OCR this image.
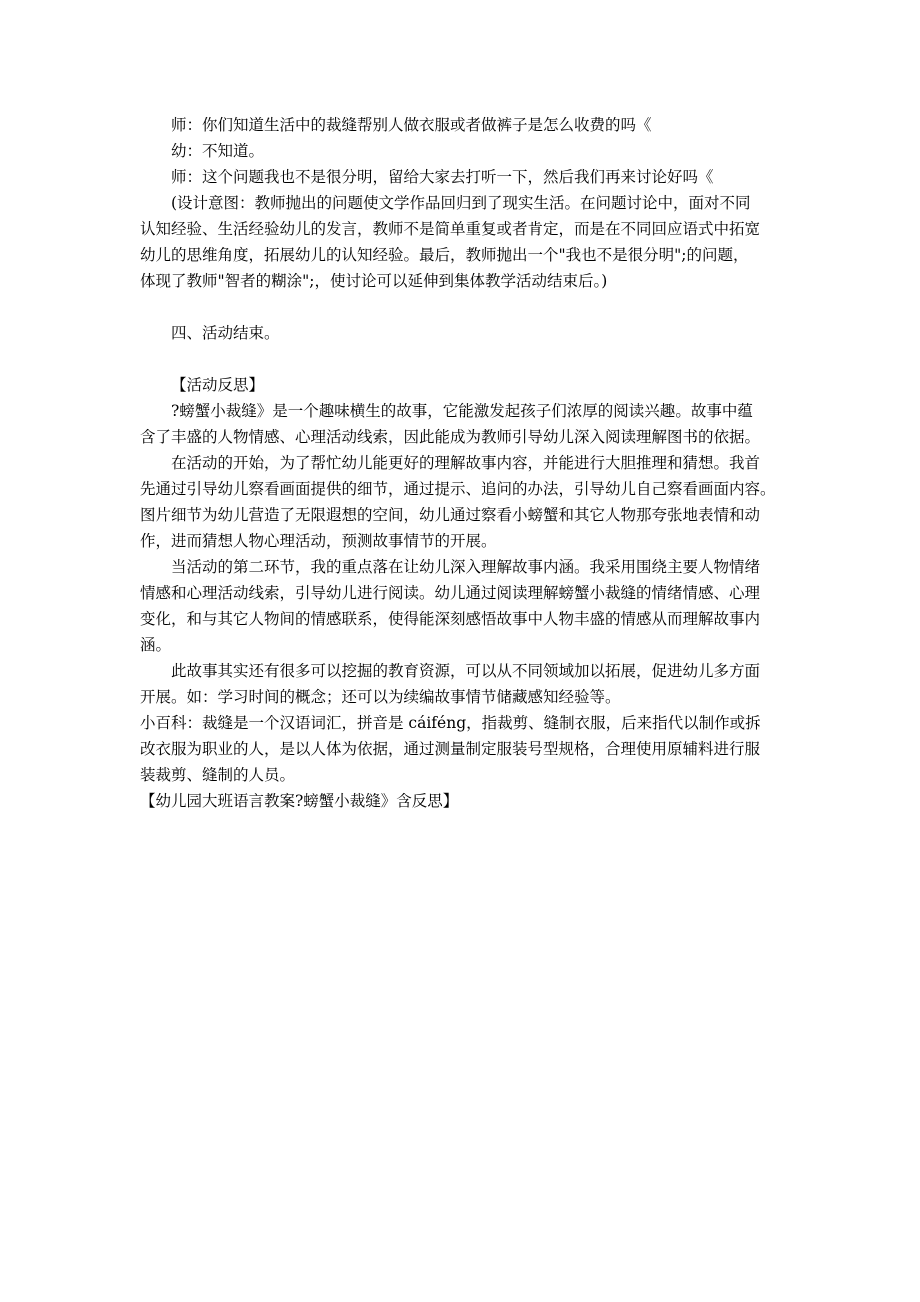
师：你们知道生活中的裁缝帮别人做衣服或者做裤子是怎么收费的吗《
幼：不知道。
师：这个问题我也不是很分明，留给大家去打听一下，然后我们再来讨论好吗《
(设计意图：教师抛出的问题使文学作品回归到了现实生活。在问题讨论中，面对不同
认知经验、生活经验幼儿的发言，教师不是简单重复或者肯定，而是在不同回应语式中拓宽
幼儿的思维角度，拓展幼儿的认知经验。最后，教师抛出一个"我也不是很分明";的问题，
体现了教师"智者的糊涂";，使讨论可以延伸到集体教学活动结束后。)
四、活动结束。
【活动反思】
?螃蟹小裁缝》是一个趣味横生的故事，它能激发起孩子们浓厚的阅读兴趣。故事中蕴
含了丰盛的人物情感、心理活动线索，因此能成为教师引导幼儿深入阅读理解图书的依据。
在活动的开始，为了帮忙幼儿能更好的理解故事内容，并能进行大胆推理和猜想。我首
先通过引导幼儿察看画面提供的细节，通过提示、追问的办法，引导幼儿自己察看画面内容。
图片细节为幼儿营造了无限遐想的空间，幼儿通过察看小螃蟹和其它人物那夸张地表情和动
作，进而猜想人物心理活动，预测故事情节的开展。
当活动的第二环节，我的重点落在让幼儿深入理解故事内涵。我采用围绕主要人物情绪
情感和心理活动线索，引导幼儿进行阅读。幼儿通过阅读理解螃蟹小裁缝的情绪情感、心理
变化，和与其它人物间的情感联系，使得能深刻感悟故事中人物丰盛的情感从而理解故事内
涵。
此故事其实还有很多可以挖掘的教育资源，可以从不同领域加以拓展，促进幼儿多方面
开展。如：学习时间的概念；还可以为续编故事情节储藏感知经验等。
小百科：裁缝是一个汉语词汇，拼音是 cáiféng，指裁剪、缝制衣服，后来指代以制作或拆
改衣服为职业的人，是以人体为依据，通过测量制定服装号型规格，合理使用原辅料进行服
装裁剪、缝制的人员。
【幼儿园大班语言教案?螃蟹小裁缝》含反思】
